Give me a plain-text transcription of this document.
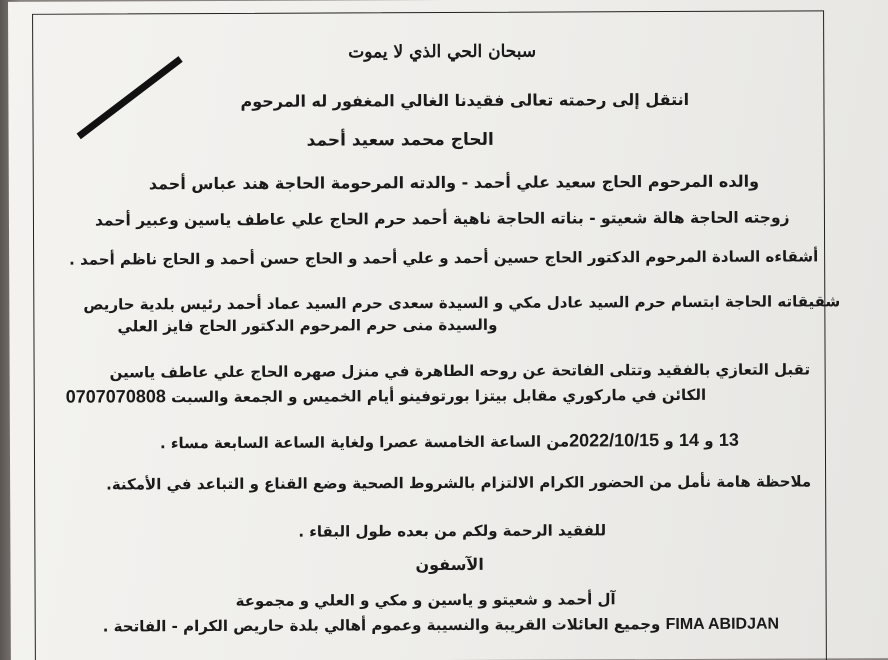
سبحان الحي الذي لا يموت
انتقل إلى رحمته تعالى فقيدنا الغالي المغفور له المرحوم
الحاج محمد سعيد أحمد
والده المرحوم الحاج سعيد علي أحمد - والدته المرحومة الحاجة هند عباس أحمد
زوجته الحاجة هالة شعيتو - بناته الحاجة ناهية أحمد حرم الحاج علي عاطف ياسين وعبير أحمد
أشقاءه السادة المرحوم الدكتور الحاج حسين أحمد و علي أحمد و الحاج حسن أحمد و الحاج ناظم أحمد .
شقيقاته الحاجة ابتسام حرم السيد عادل مكي و السيدة سعدى حرم السيد عماد أحمد رئيس بلدية حاريص
والسيدة منى حرم المرحوم الدكتور الحاج فايز العلي
تقبل التعازي بالفقيد وتتلى الفاتحة عن روحه الطاهرة في منزل صهره الحاج علي عاطف ياسين
الكائن في ماركوري مقابل بيتزا بورتوفينو أيام الخميس و الجمعة والسبت 0707070808
13 و 14 و 2022/10/15من الساعة الخامسة عصرا ولغاية الساعة السابعة مساء .
ملاحظة هامة نأمل من الحضور الكرام الالتزام بالشروط الصحية وضع القناع و التباعد في الأمكنة.
للفقيد الرحمة ولكم من بعده طول البقاء .
الآسفون
آل أحمد و شعيتو و ياسين و مكي و العلي و مجموعة
FIMA ABIDJAN وجميع العائلات القريبة والنسيبة وعموم أهالي بلدة حاريص الكرام - الفاتحة .
